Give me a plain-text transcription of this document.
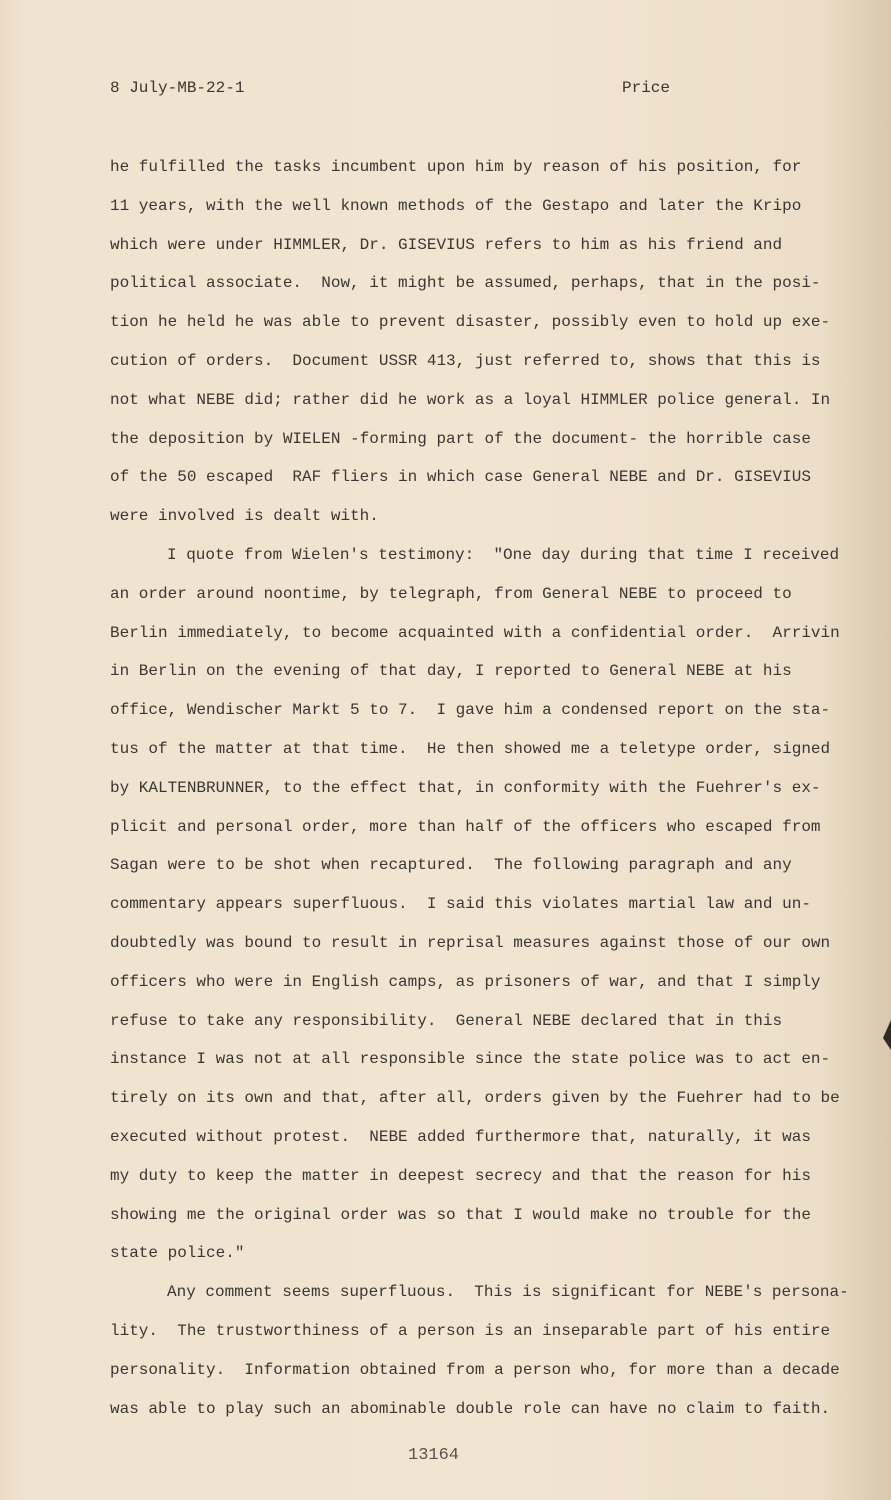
8 July-MB-22-1	Price
he fulfilled the tasks incumbent upon him by reason of his position, for
11 years, with the well known methods of the Gestapo and later the Kripo
which were under HIMMLER, Dr. GISEVIUS refers to him as his friend and
political associate.  Now, it might be assumed, perhaps, that in the posi-
tion he held he was able to prevent disaster, possibly even to hold up exe-
cution of orders.  Document USSR 413, just referred to, shows that this is
not what NEBE did; rather did he work as a loyal HIMMLER police general. In
the deposition by WIELEN -forming part of the document- the horrible case
of the 50 escaped  RAF fliers in which case General NEBE and Dr. GISEVIUS
were involved is dealt with.
I quote from Wielen's testimony:  "One day during that time I received
an order around noontime, by telegraph, from General NEBE to proceed to
Berlin immediately, to become acquainted with a confidential order.  Arrivin
in Berlin on the evening of that day, I reported to General NEBE at his
office, Wendischer Markt 5 to 7.  I gave him a condensed report on the sta-
tus of the matter at that time.  He then showed me a teletype order, signed
by KALTENBRUNNER, to the effect that, in conformity with the Fuehrer's ex-
plicit and personal order, more than half of the officers who escaped from
Sagan were to be shot when recaptured.  The following paragraph and any
commentary appears superfluous.  I said this violates martial law and un-
doubtedly was bound to result in reprisal measures against those of our own
officers who were in English camps, as prisoners of war, and that I simply
refuse to take any responsibility.  General NEBE declared that in this
instance I was not at all responsible since the state police was to act en-
tirely on its own and that, after all, orders given by the Fuehrer had to be
executed without protest.  NEBE added furthermore that, naturally, it was
my duty to keep the matter in deepest secrecy and that the reason for his
showing me the original order was so that I would make no trouble for the
state police."
Any comment seems superfluous.  This is significant for NEBE's persona-
lity.  The trustworthiness of a person is an inseparable part of his entire
personality.  Information obtained from a person who, for more than a decade
was able to play such an abominable double role can have no claim to faith.
13164
